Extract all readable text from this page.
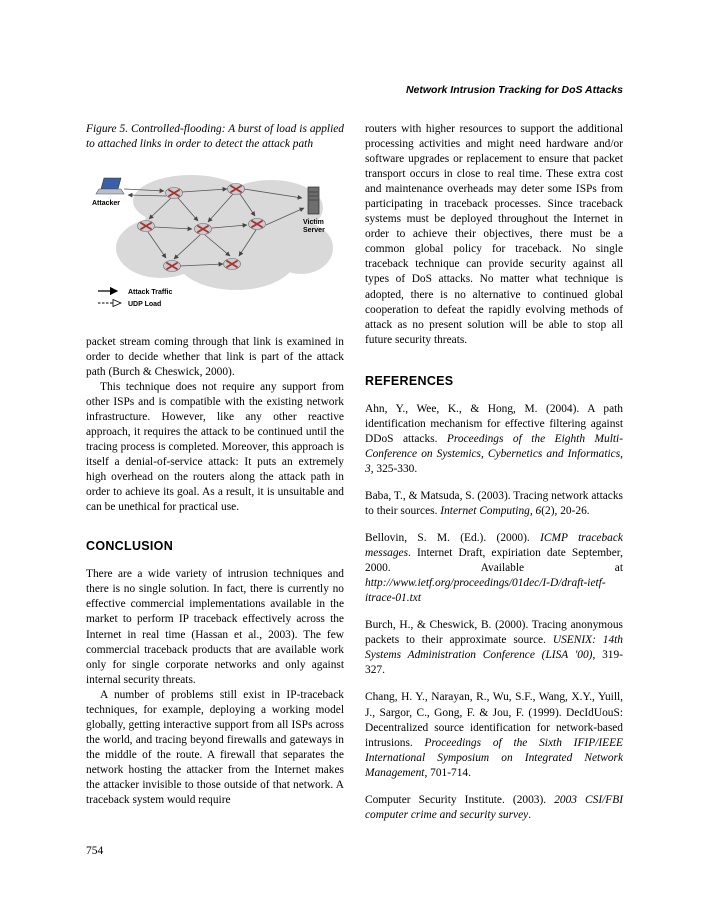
Network Intrusion Tracking for DoS Attacks

Figure 5. Controlled-flooding: A burst of load is applied to attached links in order to detect the attack path

Attacker
Victim
Server
Attack Traffic
UDP Load

packet stream coming through that link is examined in order to decide whether that link is part of the attack path (Burch & Cheswick, 2000).

This technique does not require any support from other ISPs and is compatible with the existing network infrastructure. However, like any other reactive approach, it requires the attack to be continued until the tracing process is completed. Moreover, this approach is itself a denial-of-service attack: It puts an extremely high overhead on the routers along the attack path in order to achieve its goal. As a result, it is unsuitable and can be unethical for practical use.

CONCLUSION

There are a wide variety of intrusion techniques and there is no single solution. In fact, there is currently no effective commercial implementations available in the market to perform IP traceback effectively across the Internet in real time (Hassan et al., 2003). The few commercial traceback products that are available work only for single corporate networks and only against internal security threats.

A number of problems still exist in IP-traceback techniques, for example, deploying a working model globally, getting interactive support from all ISPs across the world, and tracing beyond firewalls and gateways in the middle of the route. A firewall that separates the network hosting the attacker from the Internet makes the attacker invisible to those outside of that network. A traceback system would require

routers with higher resources to support the additional processing activities and might need hardware and/or software upgrades or replacement to ensure that packet transport occurs in close to real time. These extra cost and maintenance overheads may deter some ISPs from participating in traceback processes. Since traceback systems must be deployed throughout the Internet in order to achieve their objectives, there must be a common global policy for traceback. No single traceback technique can provide security against all types of DoS attacks. No matter what technique is adopted, there is no alternative to continued global cooperation to defeat the rapidly evolving methods of attack as no present solution will be able to stop all future security threats.

REFERENCES

Ahn, Y., Wee, K., & Hong, M. (2004). A path identification mechanism for effective filtering against DDoS attacks. Proceedings of the Eighth Multi-Conference on Systemics, Cybernetics and Informatics, 3, 325-330.

Baba, T., & Matsuda, S. (2003). Tracing network attacks to their sources. Internet Computing, 6(2), 20-26.

Bellovin, S. M. (Ed.). (2000). ICMP traceback messages. Internet Draft, expiriation date September, 2000. Available at http://www.ietf.org/proceedings/01dec/I-D/draft-ietf-itrace-01.txt

Burch, H., & Cheswick, B. (2000). Tracing anonymous packets to their approximate source. USENIX: 14th Systems Administration Conference (LISA '00), 319-327.

Chang, H. Y., Narayan, R., Wu, S.F., Wang, X.Y., Yuill, J., Sargor, C., Gong, F. & Jou, F. (1999). DecIdUouS: Decentralized source identification for network-based intrusions. Proceedings of the Sixth IFIP/IEEE International Symposium on Integrated Network Management, 701-714.

Computer Security Institute. (2003). 2003 CSI/FBI computer crime and security survey.

754
